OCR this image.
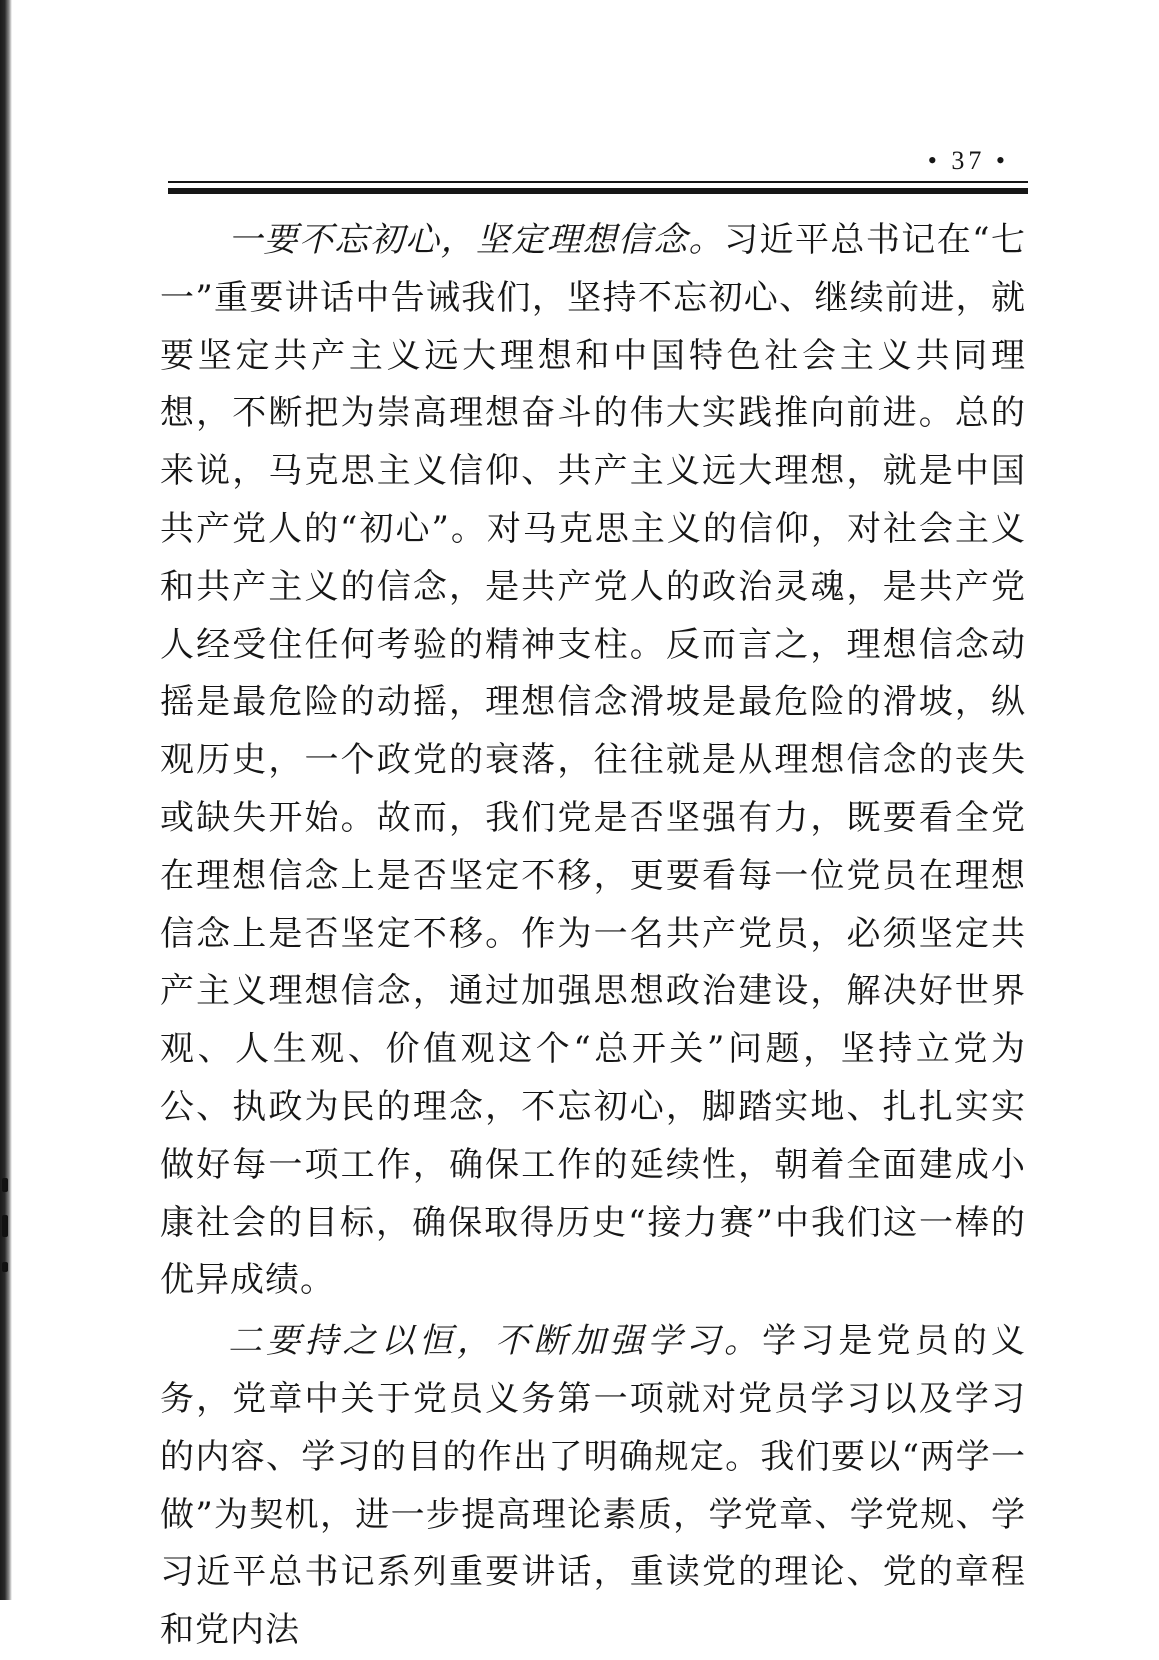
• 37 •

一要不忘初心，坚定理想信念。习近平总书记在“七一”重要讲话中告诫我们，坚持不忘初心、继续前进，就要坚定共产主义远大理想和中国特色社会主义共同理想，不断把为崇高理想奋斗的伟大实践推向前进。总的来说，马克思主义信仰、共产主义远大理想，就是中国共产党人的“初心”。对马克思主义的信仰，对社会主义和共产主义的信念，是共产党人的政治灵魂，是共产党人经受住任何考验的精神支柱。反而言之，理想信念动摇是最危险的动摇，理想信念滑坡是最危险的滑坡，纵观历史，一个政党的衰落，往往就是从理想信念的丧失或缺失开始。故而，我们党是否坚强有力，既要看全党在理想信念上是否坚定不移，更要看每一位党员在理想信念上是否坚定不移。作为一名共产党员，必须坚定共产主义理想信念，通过加强思想政治建设，解决好世界观、人生观、价值观这个“总开关”问题，坚持立党为公、执政为民的理念，不忘初心，脚踏实地、扎扎实实做好每一项工作，确保工作的延续性，朝着全面建成小康社会的目标，确保取得历史“接力赛”中我们这一棒的优异成绩。

二要持之以恒，不断加强学习。学习是党员的义务，党章中关于党员义务第一项就对党员学习以及学习的内容、学习的目的作出了明确规定。我们要以“两学一做”为契机，进一步提高理论素质，学党章、学党规、学习近平总书记系列重要讲话，重读党的理论、党的章程和党内法
